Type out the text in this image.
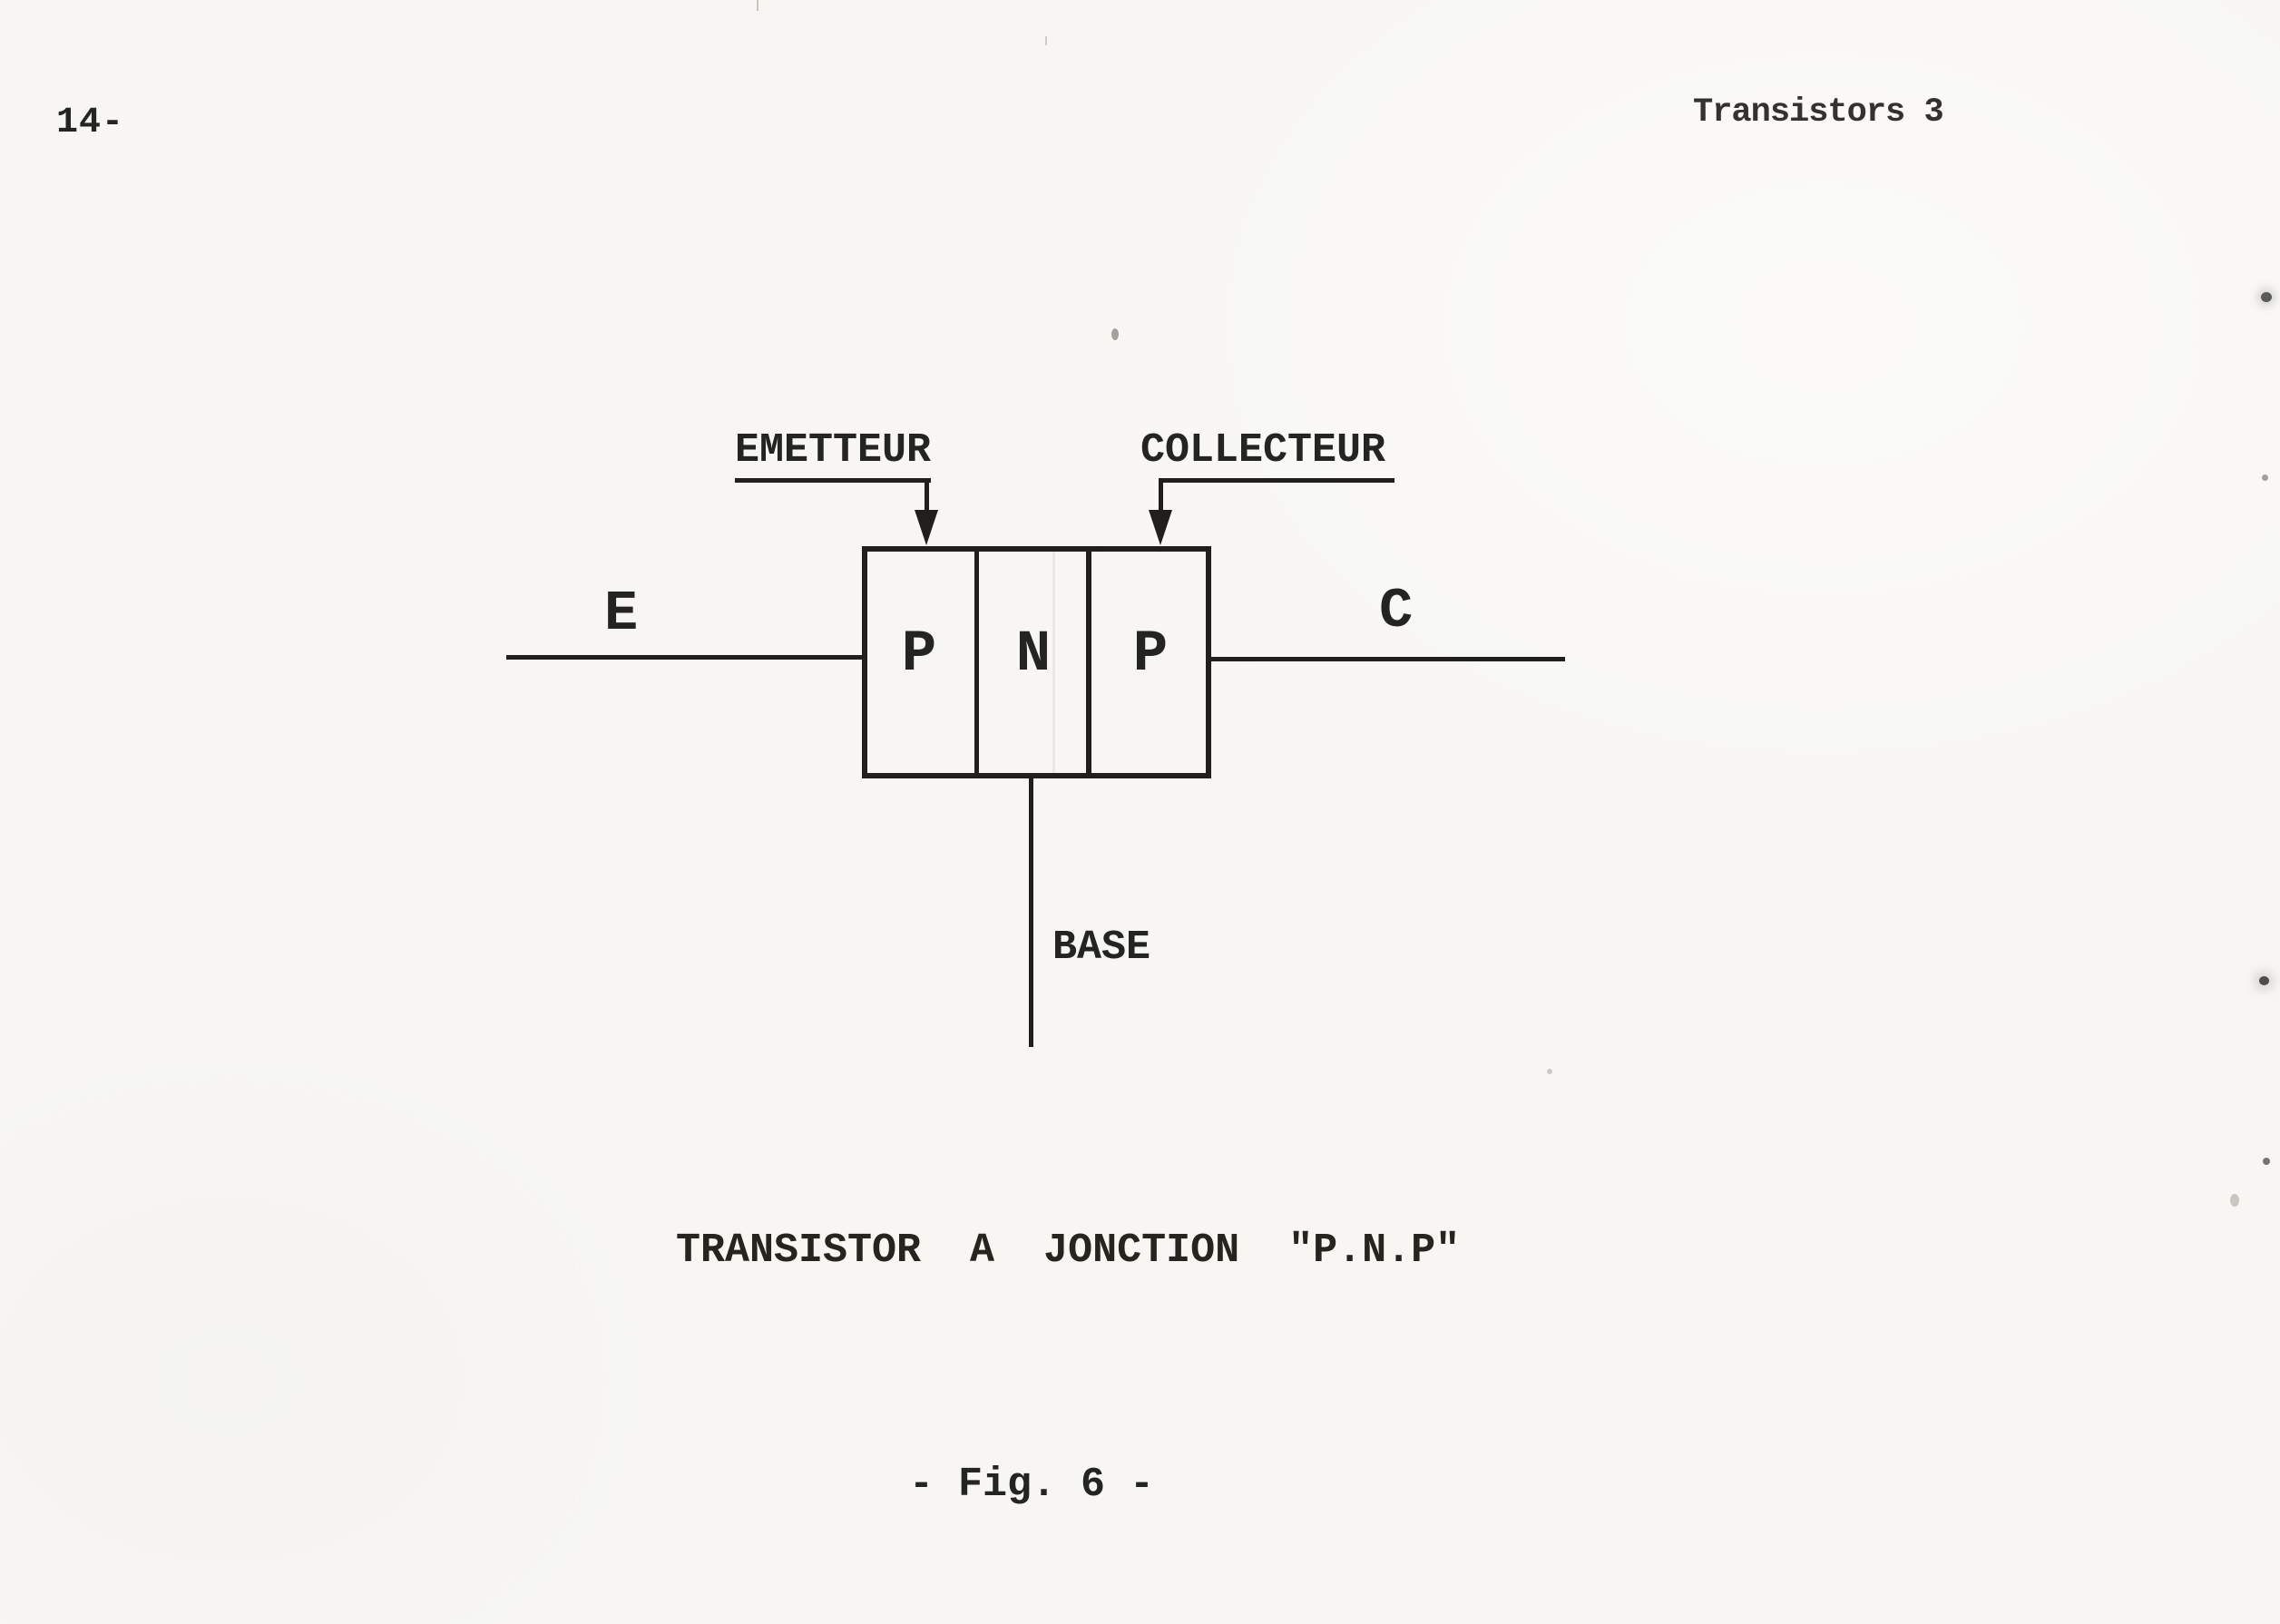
14-	Transistors 3
EMETTEUR	COLLECTEUR
P N P
E	C
BASE
TRANSISTOR  A  JONCTION  "P.N.P"
- Fig. 6 -
